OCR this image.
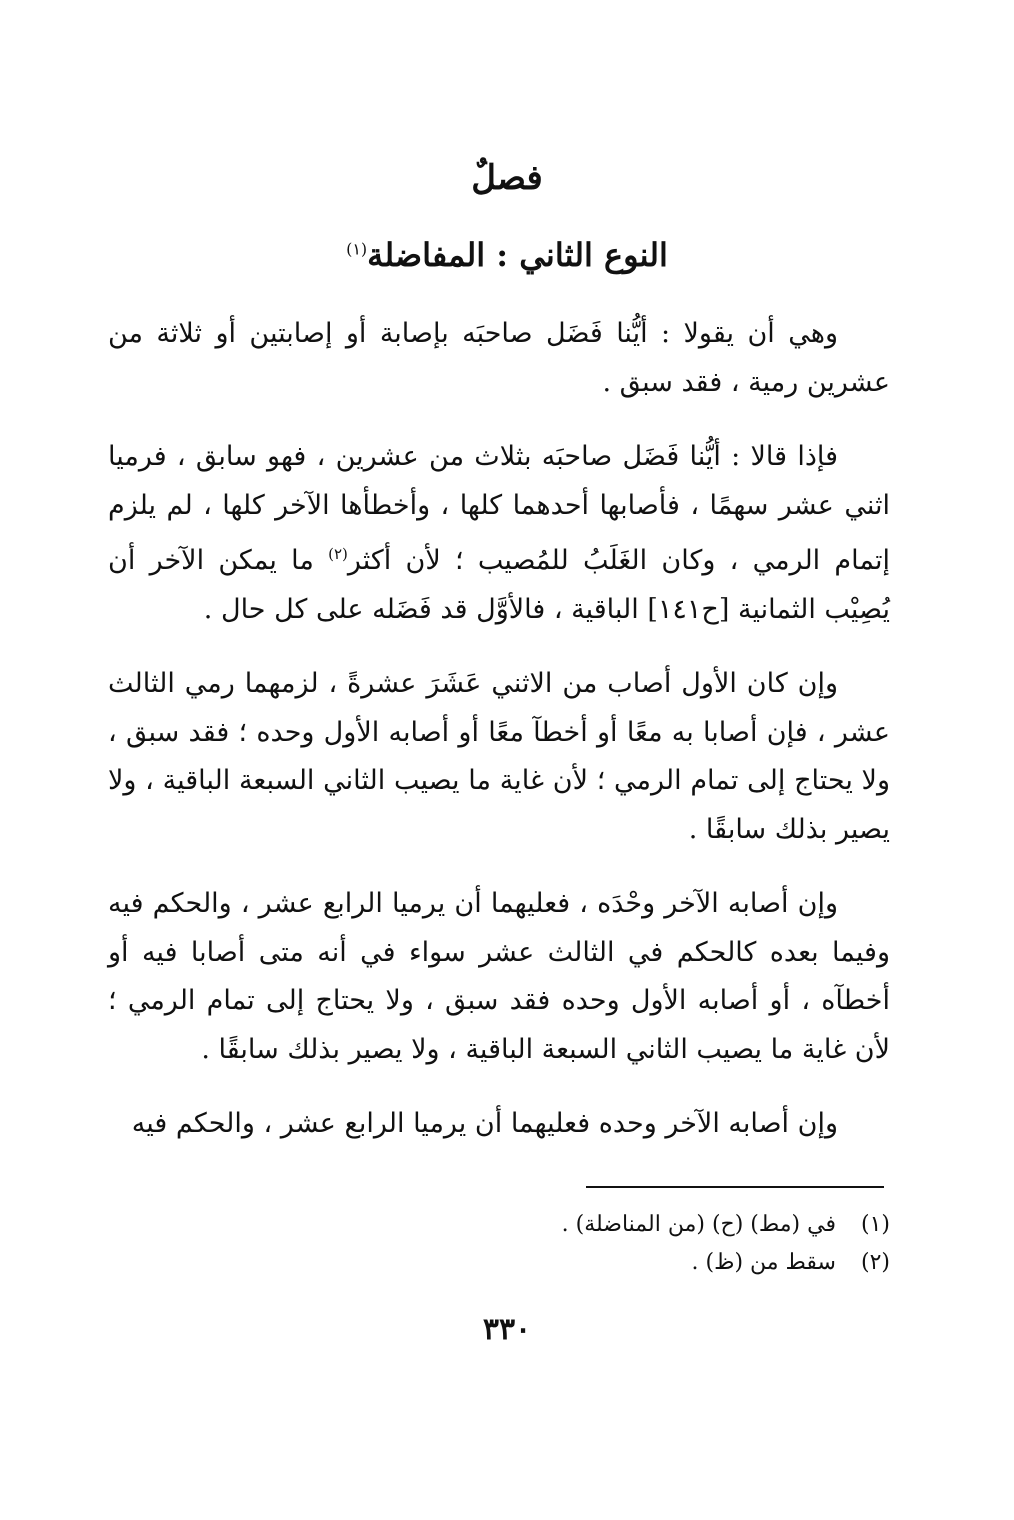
فصلٌ
النوع الثاني : المفاضلة$^{(١)}$

وهي أن يقولا : أيُّنا فَضَل صاحبَه بإصابة أو إصابتين أو ثلاثة من عشرين رمية ، فقد سبق .

فإذا قالا : أيُّنا فَضَل صاحبَه بثلاث من عشرين ، فهو سابق ، فرميا اثني عشر سهمًا ، فأصابها أحدهما كلها ، وأخطأها الآخر كلها ، لم يلزم إتمام الرمي ، وكان الغَلَبُ للمُصيب ؛ لأن أكثر$^{(٢)}$ ما يمكن الآخر أن يُصِيْب الثمانية [ح١٤١] الباقية ، فالأوَّل قد فَضَله على كل حال .

وإن كان الأول أصاب من الاثني عَشَرَ عشرةً ، لزمهما رمي الثالث عشر ، فإن أصابا به معًا أو أخطآ معًا أو أصابه الأول وحده ؛ فقد سبق ، ولا يحتاج إلى تمام الرمي ؛ لأن غاية ما يصيب الثاني السبعة الباقية ، ولا يصير بذلك سابقًا .

وإن أصابه الآخر وحْدَه ، فعليهما أن يرميا الرابع عشر ، والحكم فيه وفيما بعده كالحكم في الثالث عشر سواء في أنه متى أصابا فيه أو أخطآه ، أو أصابه الأول وحده فقد سبق ، ولا يحتاج إلى تمام الرمي ؛ لأن غاية ما يصيب الثاني السبعة الباقية ، ولا يصير بذلك سابقًا .

وإن أصابه الآخر وحده فعليهما أن يرميا الرابع عشر ، والحكم فيه

(١)
في (مط) (ح) (من المناضلة) .
(٢)
سقط من (ظ) .
٣٣٠
